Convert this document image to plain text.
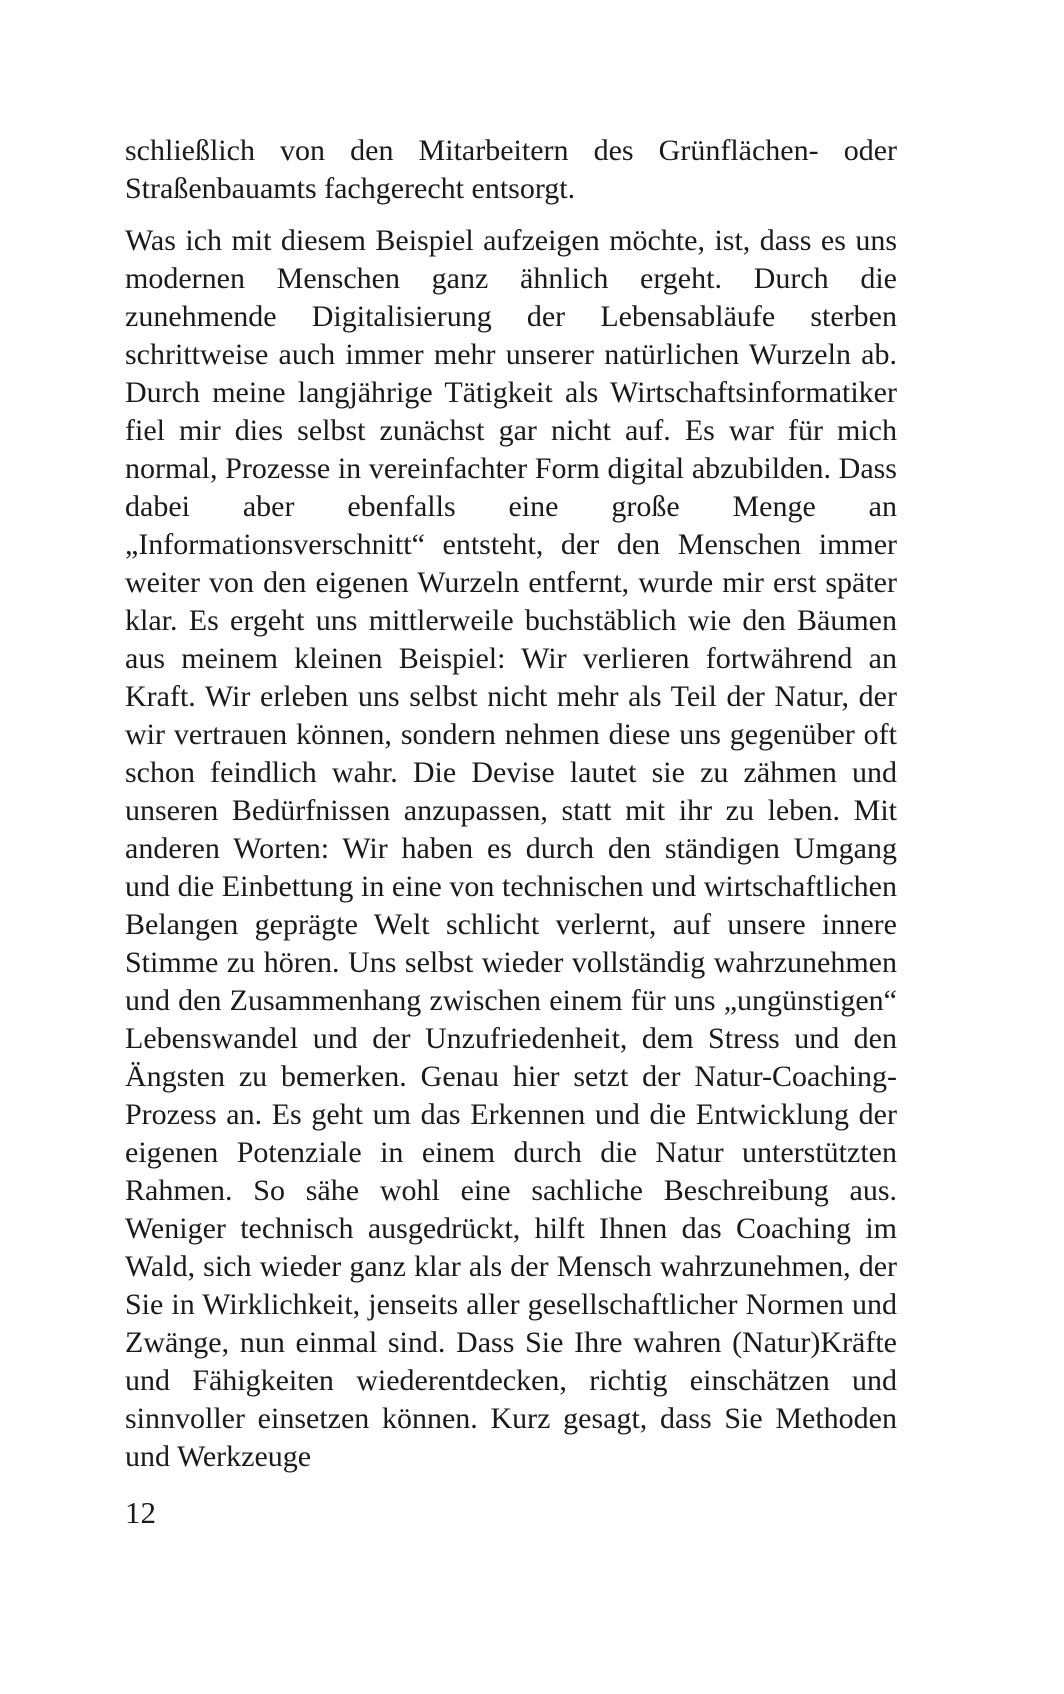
schließlich von den Mitarbeitern des Grünflächen- oder Straßenbauamts fachgerecht entsorgt.

Was ich mit diesem Beispiel aufzeigen möchte, ist, dass es uns modernen Menschen ganz ähnlich ergeht. Durch die zunehmende Digitalisierung der Lebensabläufe sterben schrittweise auch immer mehr unserer natürlichen Wurzeln ab. Durch meine langjährige Tätigkeit als Wirtschaftsinformatiker fiel mir dies selbst zunächst gar nicht auf. Es war für mich normal, Prozesse in vereinfachter Form digital abzubilden. Dass dabei aber ebenfalls eine große Menge an „Informationsverschnitt“ entsteht, der den Menschen immer weiter von den eigenen Wurzeln entfernt, wurde mir erst später klar. Es ergeht uns mittlerweile buchstäblich wie den Bäumen aus meinem kleinen Beispiel: Wir verlieren fortwährend an Kraft. Wir erleben uns selbst nicht mehr als Teil der Natur, der wir vertrauen können, sondern nehmen diese uns gegenüber oft schon feindlich wahr. Die Devise lautet sie zu zähmen und unseren Bedürfnissen anzupassen, statt mit ihr zu leben. Mit anderen Worten: Wir haben es durch den ständigen Umgang und die Einbettung in eine von technischen und wirtschaftlichen Belangen geprägte Welt schlicht verlernt, auf unsere innere Stimme zu hören. Uns selbst wieder vollständig wahrzunehmen und den Zusammenhang zwischen einem für uns „ungünstigen“ Lebenswandel und der Unzufriedenheit, dem Stress und den Ängsten zu bemerken. Genau hier setzt der Natur-Coaching-Prozess an. Es geht um das Erkennen und die Entwicklung der eigenen Potenziale in einem durch die Natur unterstützten Rahmen. So sähe wohl eine sachliche Beschreibung aus. Weniger technisch ausgedrückt, hilft Ihnen das Coaching im Wald, sich wieder ganz klar als der Mensch wahrzunehmen, der Sie in Wirklichkeit, jenseits aller gesellschaftlicher Normen und Zwänge, nun einmal sind. Dass Sie Ihre wahren (Natur)Kräfte und Fähigkeiten wiederentdecken, richtig einschätzen und sinnvoller einsetzen können. Kurz gesagt, dass Sie Methoden und Werkzeuge

12
